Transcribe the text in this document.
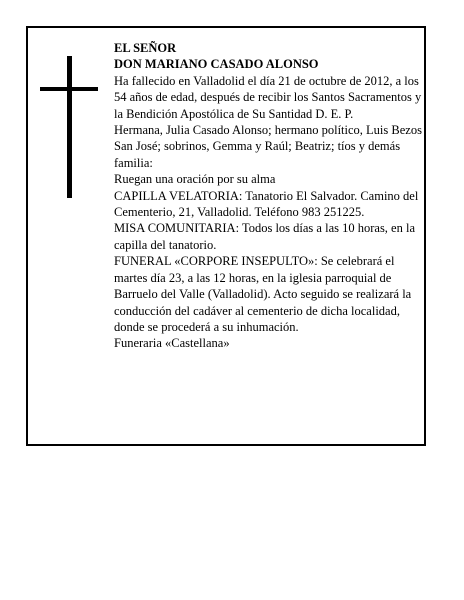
EL SEÑOR

DON MARIANO CASADO ALONSO

Ha fallecido en Valladolid el día 21 de octubre de 2012, a los 54 años de edad, después de recibir los Santos Sacramentos y la Bendición Apostólica de Su Santidad D. E. P.

Hermana, Julia Casado Alonso; hermano político, Luis Bezos San José; sobrinos, Gemma y Raúl; Beatriz; tíos y demás familia:

Ruegan una oración por su alma

CAPILLA VELATORIA: Tanatorio El Salvador. Camino del Cementerio, 21, Valladolid. Teléfono 983 251225.

MISA COMUNITARIA: Todos los días a las 10 horas, en la capilla del tanatorio.

FUNERAL «CORPORE INSEPULTO»: Se celebrará el martes día 23, a las 12 horas, en la iglesia parroquial de Barruelo del Valle (Valladolid). Acto seguido se realizará la conducción del cadáver al cementerio de dicha localidad, donde se procederá a su inhumación.

Funeraria «Castellana»
